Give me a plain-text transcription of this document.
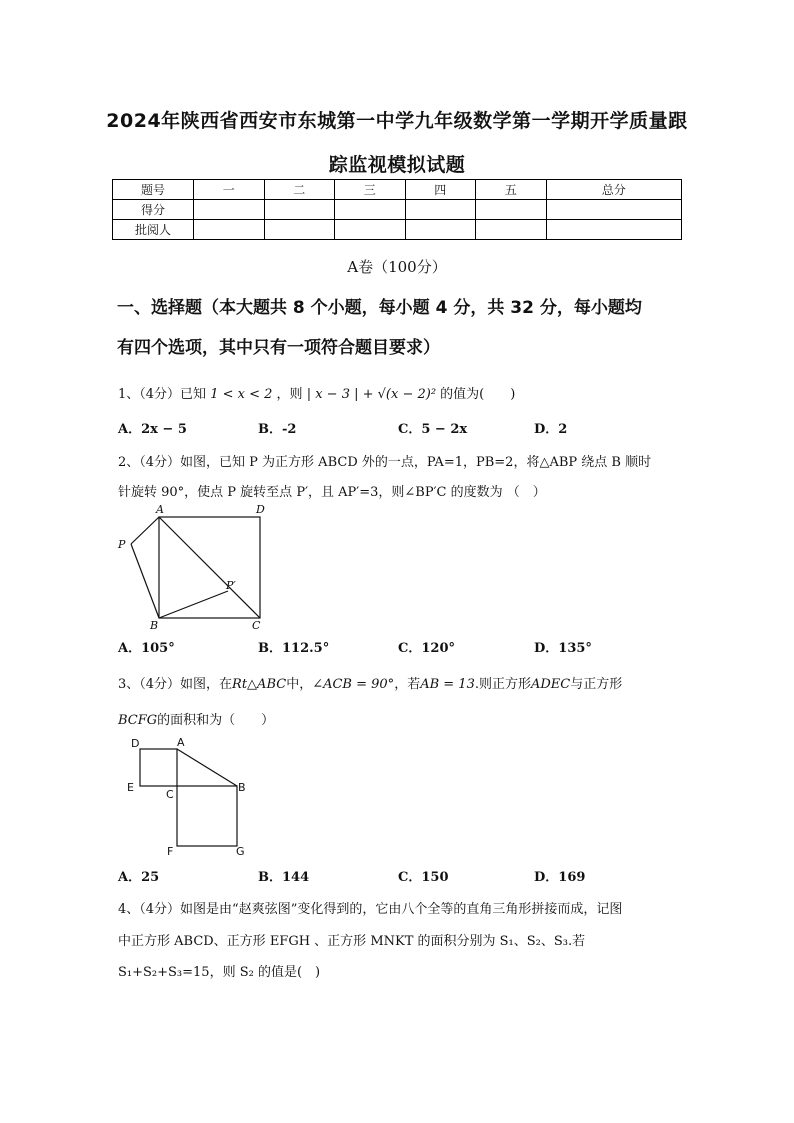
2024年陕西省西安市东城第一中学九年级数学第一学期开学质量跟
踪监视模拟试题
题号	一	二	三	四	五	总分
得分						
批阅人						
A卷（100分）
一、选择题（本大题共 8 个小题，每小题 4 分，共 32 分，每小题均
有四个选项，其中只有一项符合题目要求）
1、（4分）已知 1 < x < 2 ，则 | x − 3 | + √(x − 2)² 的值为(　　)
A．2x − 5	B．-2	C．5 − 2x	D．2
2、（4分）如图，已知 P 为正方形 ABCD 外的一点，PA=1，PB=2，将△ABP 绕点 B 顺时
针旋转 90°，使点 P 旋转至点 P′，且 AP′=3，则∠BP′C 的度数为 （　）
A	D
P
P′
B	C
A．105°	B．112.5°	C．120°	D．135°
3、（4分）如图，在Rt△ABC中，∠ACB = 90°，若AB = 13.则正方形ADEC与正方形
BCFG的面积和为（　　）
D	A
E
C
B
F	G
A．25	B．144	C．150	D．169
4、（4分）如图是由“赵爽弦图”变化得到的，它由八个全等的直角三角形拼接而成，记图
中正方形 ABCD、正方形 EFGH 、正方形 MNKT 的面积分别为 S₁、S₂、S₃.若
S₁+S₂+S₃=15，则 S₂ 的值是(　)
